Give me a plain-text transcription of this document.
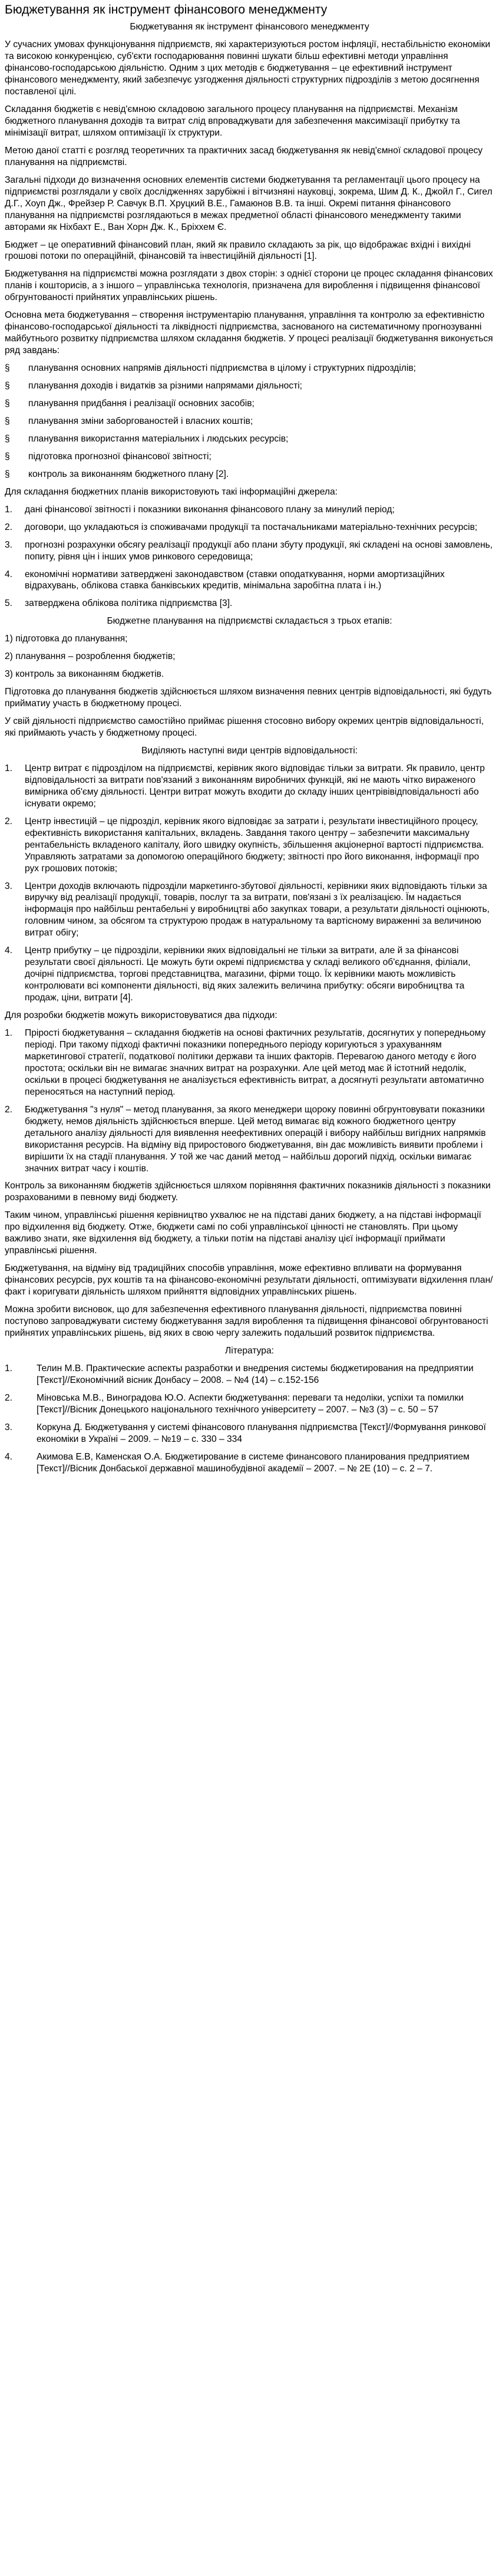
Бюджетування як інструмент фінансового менеджменту

Бюджетування як інструмент фінансового менеджменту

У сучасних умовах функціонування підприємств, які характеризуються ростом інфляції, нестабільністю економіки та високою конкуренцією, суб'єкти господарювання повинні шукати більш ефективні методи управління фінансово-господарською діяльністю. Одним з цих методів є бюджетування – це ефективний інструмент фінансового менеджменту, який забезпечує узгодження діяльності структурних підрозділів з метою досягнення поставленої цілі.

Складання бюджетів є невід'ємною складовою загального процесу планування на підприємстві. Механізм бюджетного планування доходів та витрат слід впроваджувати для забезпечення максимізації прибутку та мінімізації витрат, шляхом оптимізації їх структури.

Метою даної статті є розгляд теоретичних та практичних засад бюджетування як невід'ємної складової процесу планування на підприємстві.

Загальні підходи до визначення основних елементів системи бюджетування та регламентації цього процесу на підприємстві розглядали у своїх дослідженнях зарубіжні і вітчизняні науковці, зокрема, Шим Д. К., Джойл Г., Сигел Д.Г., Хоуп Дж., Фрейзер Р. Савчук В.П. Хруцкий В.Е., Гамаюнов В.В. та інші. Окремі питання фінансового планування на підприємстві розглядаються в межах предметної області фінансового менеджменту такими авторами як Ніхбахт Е., Ван Хорн Дж. К., Бріххем Є.

Бюджет – це оперативний фінансовий план, який як правило складають за рік, що відображає вхідні і вихідні грошові потоки по операційній, фінансовій та інвестиційній діяльності [1].

Бюджетування на підприємстві можна розглядати з двох сторін: з однієї сторони це процес складання фінансових планів і кошторисів, а з іншого – управлінська технологія, призначена для вироблення і підвищення фінансової обгрунтованості прийнятих управлінських рішень.

Основна мета бюджетування – створення інструментарію планування, управління та контролю за ефективністю фінансово-господарської діяльності та ліквідності підприємства, заснованого на систематичному прогнозуванні майбутнього розвитку підприємства шляхом складання бюджетів. У процесі реалізації бюджетування виконується ряд завдань:

§	планування основних напрямів діяльності підприємства в цілому і структурних підрозділів;

§	планування доходів і видатків за різними напрямами діяльності;

§	планування придбання і реалізації основних засобів;

§	планування зміни заборгованостей і власних коштів;

§	планування використання матеріальних і людських ресурсів;

§	підготовка прогнозної фінансової звітності;

§	контроль за виконанням бюджетного плану [2].

Для складання бюджетних планів використовують такі інформаційні джерела:

1.	дані фінансової звітності і показники виконання фінансового плану за минулий період;

2.	договори, що укладаються із споживачами продукції та постачальниками матеріально-технічних ресурсів;

3.	прогнозні розрахунки обсягу реалізації продукції або плани збуту продукції, які складені на основі замовлень, попиту, рівня цін і інших умов ринкового середовища;

4.	економічні нормативи затверджені законодавством (ставки оподаткування, норми амортизаційних відрахувань, облікова ставка банківських кредитів, мінімальна заробітна плата і ін.)

5.	затверджена облікова політика підприємства [3].

Бюджетне планування на підприємстві складається з трьох етапів:

1) підготовка до планування;

2) планування – розроблення бюджетів;

3) контроль за виконанням бюджетів.

Підготовка до планування бюджетів здійснюється шляхом визначення певних центрів відповідальності, які будуть прийматиу участь в бюджетному процесі.

У свій діяльності підприємство самостійно приймає рішення стосовно вибору окремих центрів відповідальності, які приймають участь у бюджетному процесі.

Виділяють наступні види центрів відповідальності:

1.	Центр витрат є підрозділом на підприємстві, керівник якого відповідає тільки за витрати. Як правило, центр відповідальності за витрати пов'язаний з виконанням виробничих функцій, які не мають чітко вираженого вимірника об'єму діяльності. Центри витрат можуть входити до складу інших центрівівідповідальності або існувати окремо;

2.	Центр інвестицій – це підрозділ, керівник якого відповідає за затрати і, результати інвестиційного процесу, ефективність використання капітальних, вкладень. Завдання такого центру – забезпечити максимальну рентабельність вкладеного капіталу, його швидку окупність, збільшення акціонерної вартості підприємства. Управляють затратами за допомогою операційного бюджету; звітності про його виконання, інформації про рух грошових потоків;

3.	Центри доходів включають підрозділи маркетинго-збутової діяльності, керівники яких відповідають тільки за виручку від реалізації продукції, товарів, послуг та за витрати, пов'язані з їх реалізацією. Їм надається інформація про найбільш рентабельні у виробництві або закупках товари, а результати діяльності оцінюють, головним чином, за обсягом та структурою продаж в натуральному та вартісному вираженні за величиною витрат обігу;

4.	Центр прибутку – це підрозділи, керівники яких відповідальні не тільки за витрати, але й за фінансові результати своєї діяльності. Це можуть бути окремі підприємства у складі великого об'єднання, філіали, дочірні підприємства, торгові представництва, магазини, фірми тощо. Їх керівники мають можливість контролювати всі компоненти діяльності, від яких залежить величина прибутку: обсяги виробництва та продаж, ціни, витрати [4].

Для розробки бюджетів можуть використовуватися два підходи:

1.	Прірості бюджетування – складання бюджетів на основі фактичних результатів, досягнутих у попередньому періоді. При такому підході фактичні показники попереднього періоду коригуються з урахуванням маркетингової стратегії, податкової політики держави та інших факторів. Перевагою даного методу є його простота; оскільки він не вимагає значних витрат на розрахунки. Але цей метод має й істотний недолік, оскільки в процесі бюджетування не аналізується ефективність витрат, а досягнуті результати автоматично переносяться на наступний період.

2.	Бюджетування "з нуля" – метод планування, за якого менеджери щороку повинні обгрунтовувати показники бюджету, немов діяльність здійснюється вперше. Цей метод вимагає від кожного бюджетного центру детального аналізу діяльності для виявлення неефективних операцій і вибору найбільш вигідних напрямків використання ресурсів. На відміну від приростового бюджетування, він дає можливість виявити проблеми і вирішити їх на стадії планування. У той же час даний метод – найбільш дорогий підхід, оскільки вимагає значних витрат часу і коштів.

Контроль за виконанням бюджетів здійснюється шляхом порівняння фактичних показників діяльності з показники розрахованими в певному виді бюджету.

Таким чином, управлінські рішення керівництво ухвалює не на підставі даних бюджету, а на підставі інформації про відхилення від бюджету. Отже, бюджети самі по собі управлінської цінності не становлять. При цьому важливо знати, яке відхилення від бюджету, а тільки потім на підставі аналізу цієї інформації приймати управлінські рішення.

Бюджетування, на відміну від традиційних способів управління, може ефективно впливати на формування фінансових ресурсів, рух коштів та на фінансово-економічні результати діяльності, оптимізувати відхилення план/факт і коригувати діяльність шляхом прийняття відповідних управлінських рішень.

Можна зробити висновок, що для забезпечення ефективного планування діяльності, підприємства повинні поступово запроваджувати систему бюджетування задля вироблення та підвищення фінансової обгрунтованості прийнятих управлінських рішень, від яких в свою чергу залежить подальший розвиток підприємства.

Література:

1.	Телин М.В. Практические аспекты разработки и внедрения системы бюджетирования на предприятии [Текст]//Економічний вісник Донбасу – 2008. – №4 (14) – с.152-156

2.	Міновська М.В., Виноградова Ю.О. Аспекти бюджетування: переваги та недоліки, успіхи та помилки [Текст]//Вісник Донецького національного технічного університету – 2007. – №3 (3) – с. 50 – 57

3.	Коркуна Д. Бюджетування у системі фінансового планування підприємства [Текст]//Формування ринкової економіки в Україні – 2009. – №19 – с. 330 – 334

4.	Акимова Е.В, Каменская О.А. Бюджетирование в системе финансового планирования предприятием [Текст]//Вісник Донбаської державної машинобудівної академії – 2007. – № 2Е (10) – с. 2 – 7.
